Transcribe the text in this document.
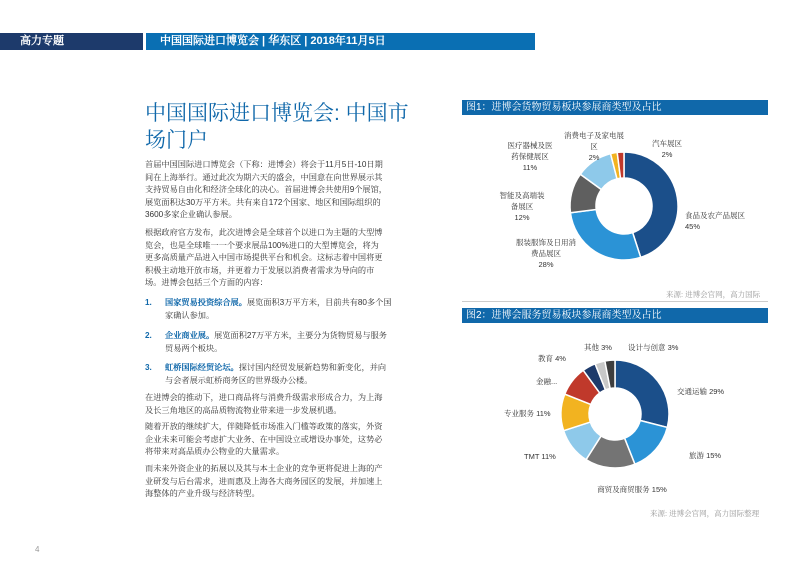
高力专题	中国国际进口博览会 | 华东区 | 2018年11月5日
中国国际进口博览会: 中国市
场门户
首届中国国际进口博览会（下称：进博会）将会于11月5日-10日期
间在上海举行。通过此次为期六天的盛会，中国意在向世界展示其
支持贸易自由化和经济全球化的决心。首届进博会共使用9个展馆，
展览面积达30万平方米。共有来自172个国家、地区和国际组织的
3600多家企业确认参展。
根据政府官方发布，此次进博会是全球首个以进口为主题的大型博
览会，也是全球唯一一个要求展品100%进口的大型博览会，将为
更多高质量产品进入中国市场提供平台和机会。这标志着中国将更
积极主动地开放市场，并更着力于发展以消费者需求为导向的市
场。进博会包括三个方面的内容：
1. 国家贸易投资综合展。展览面积3万平方米，目前共有80多个国
家确认参加。
2. 企业商业展。展览面积27万平方米，主要分为货物贸易与服务
贸易两个板块。
3. 虹桥国际经贸论坛。探讨国内经贸发展新趋势和新变化，并向
与会者展示虹桥商务区的世界级办公楼。
在进博会的推动下，进口商品将与消费升级需求形成合力，为上海
及长三角地区的高品质物流物业带来进一步发展机遇。
随着开放的继续扩大，伴随降低市场准入门槛等政策的落实，外资
企业未来可能会考虑扩大业务、在中国设立或增设办事处，这势必
将带来对高品质办公物业的大量需求。
而未来外资企业的拓展以及其与本土企业的竞争更将促进上海的产
业研发与后台需求，进而惠及上海各大商务园区的发展，并加速上
海整体的产业升级与经济转型。
图1：进博会货物贸易板块参展商类型及占比
食品及农产品展区 45%
服装服饰及日用消费品展区 28%
智能及高端装备展区 12%
医疗器械及医药保健展区 11%
消费电子及家电展区 2%
汽车展区 2%
来源: 进博会官网，高力国际
图2：进博会服务贸易板块参展商类型及占比
交通运输 29%
旅游 15%
商贸及商贸服务 15%
TMT 11%
专业服务 11%
金融...
教育 4%
其他 3% 设计与创意 3%
来源: 进博会官网，高力国际整理
4
